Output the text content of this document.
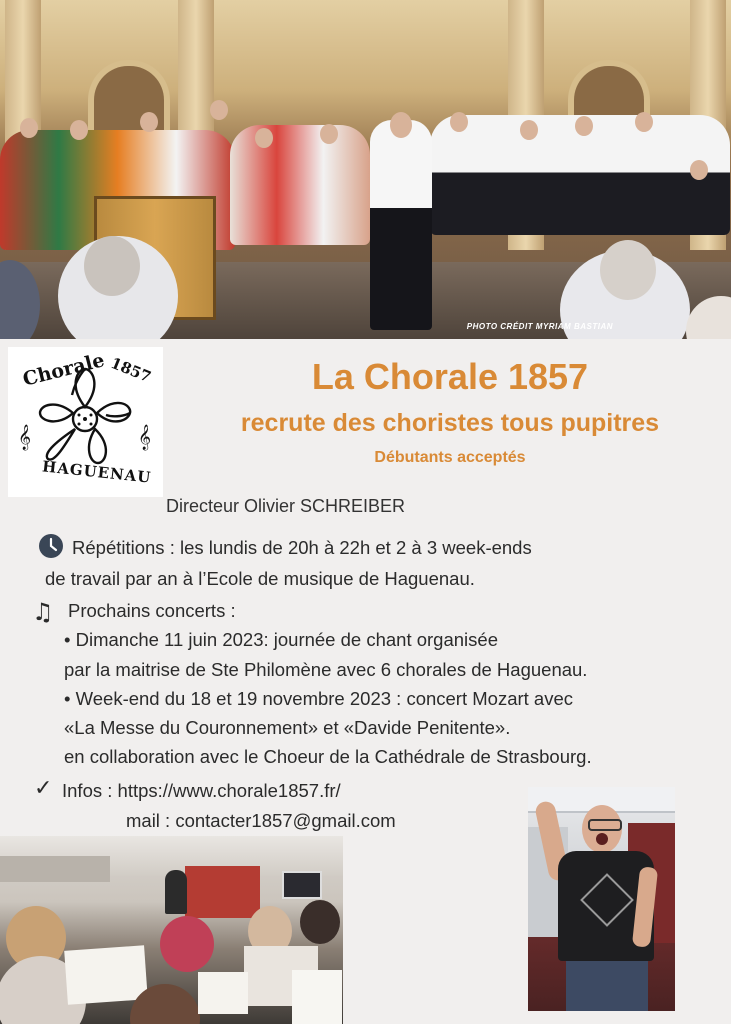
PHOTO CRÉDIT MYRIAM BASTIAN
𝄞	𝄞
Chorale 1857
HAGUENAU
La Chorale 1857
recrute des choristes tous pupitres
Débutants acceptés
Directeur Olivier SCHREIBER
Répétitions : les lundis de 20h à 22h et 2 à 3 week-ends
de travail par an à l’Ecole de musique de Haguenau.
♫ Prochains concerts :
• Dimanche 11 juin 2023: journée de chant organisée
par la maitrise de Ste Philomène avec 6 chorales de Haguenau.
• Week-end du 18 et 19 novembre 2023 : concert Mozart avec
«La Messe du Couronnement» et «Davide Penitente».
en collaboration avec le Choeur de la Cathédrale de Strasbourg.
✓ Infos : https://www.chorale1857.fr/
mail : contacter1857@gmail.com
